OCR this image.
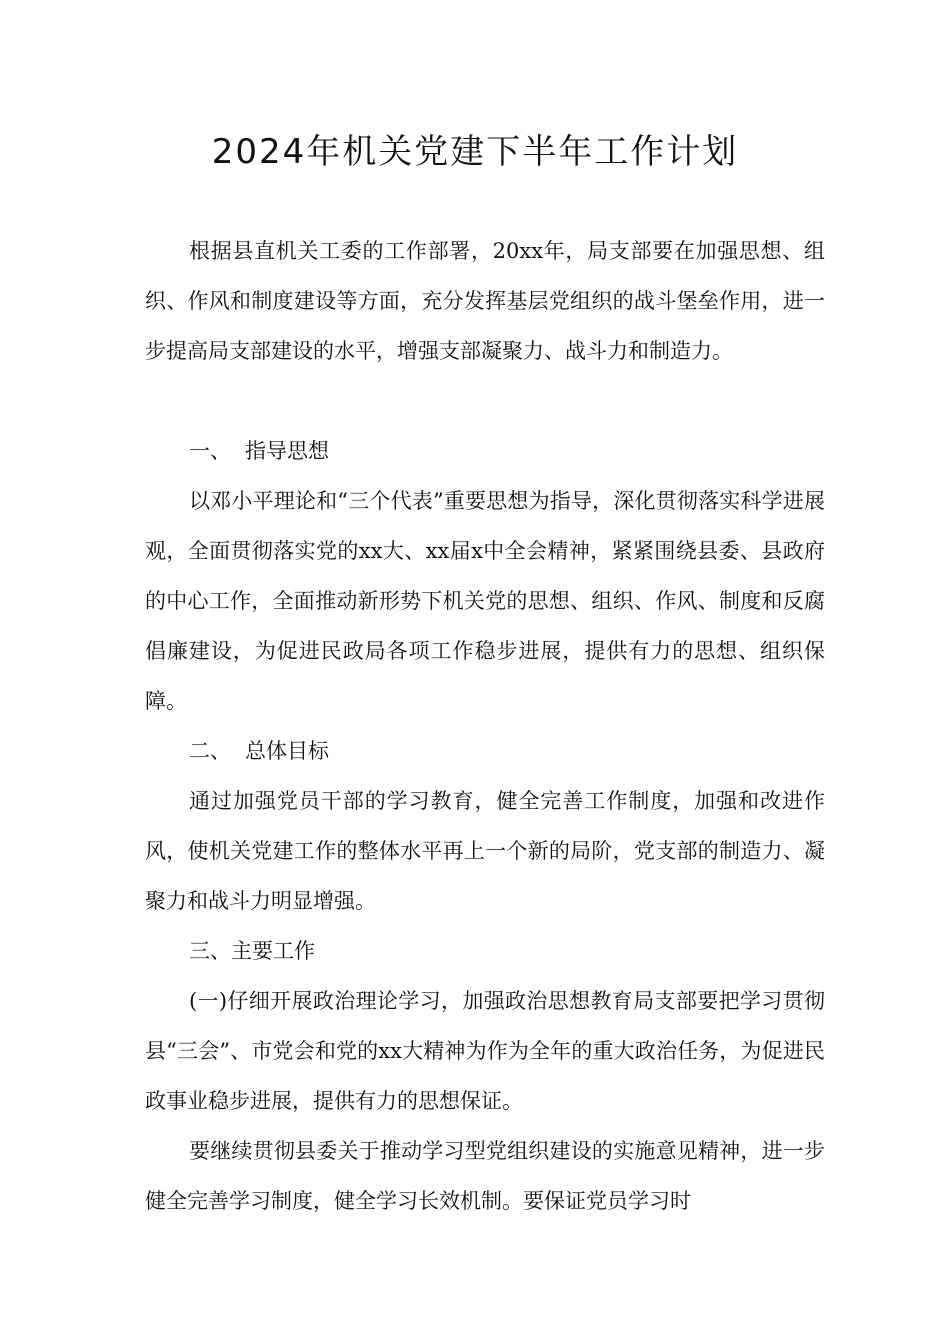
2024年机关党建下半年工作计划

根据县直机关工委的工作部署，20xx年，局支部要在加强思想、组织、作风和制度建设等方面，充分发挥基层党组织的战斗堡垒作用，进一步提高局支部建设的水平，增强支部凝聚力、战斗力和制造力。

一、 指导思想

以邓小平理论和“三个代表”重要思想为指导，深化贯彻落实科学进展观，全面贯彻落实党的xx大、xx届x中全会精神，紧紧围绕县委、县政府的中心工作，全面推动新形势下机关党的思想、组织、作风、制度和反腐倡廉建设，为促进民政局各项工作稳步进展，提供有力的思想、组织保障。

二、 总体目标

通过加强党员干部的学习教育，健全完善工作制度，加强和改进作风，使机关党建工作的整体水平再上一个新的局阶，党支部的制造力、凝聚力和战斗力明显增强。

三、主要工作

(一)仔细开展政治理论学习，加强政治思想教育局支部要把学习贯彻县“三会”、市党会和党的xx大精神为作为全年的重大政治任务，为促进民政事业稳步进展，提供有力的思想保证。

要继续贯彻县委关于推动学习型党组织建设的实施意见精神，进一步健全完善学习制度，健全学习长效机制。要保证党员学习时
